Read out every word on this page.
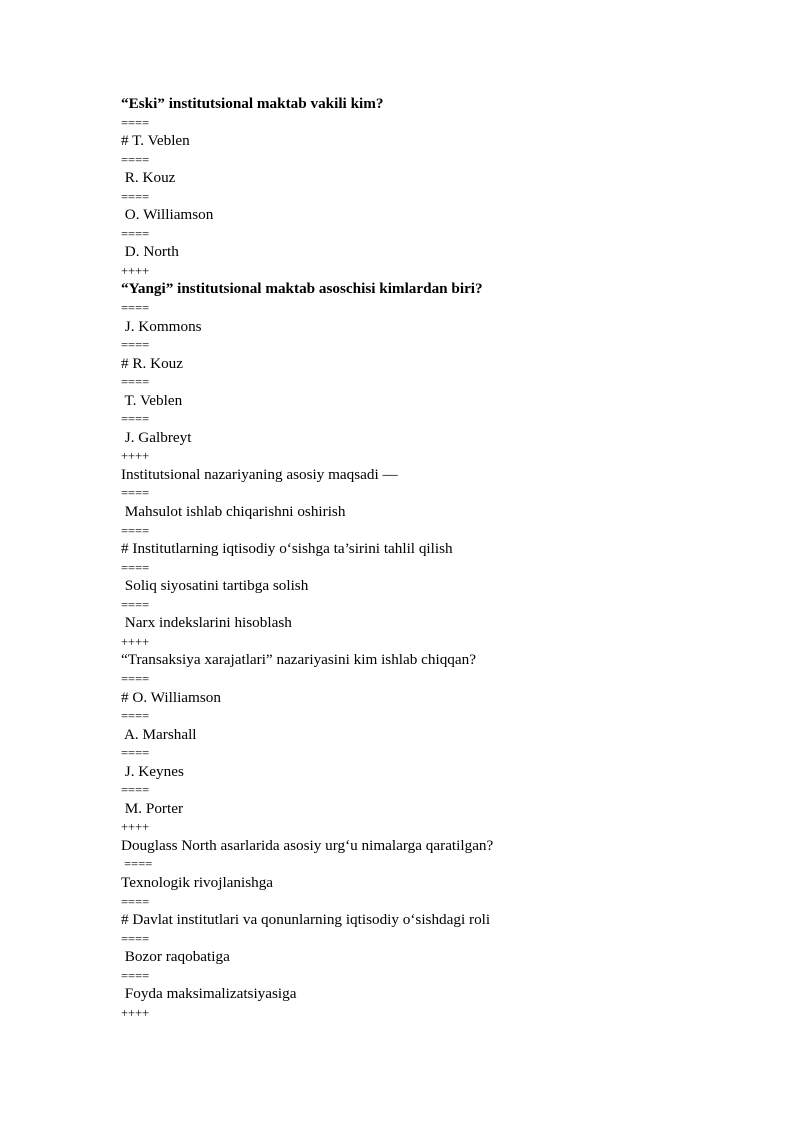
“Eski” institutsional maktab vakili kim?
====
# T. Veblen
====
R. Kouz
====
O. Williamson
====
D. North
++++
“Yangi” institutsional maktab asoschisi kimlardan biri?
====
J. Kommons
====
# R. Kouz
====
T. Veblen
====
J. Galbreyt
++++
Institutsional nazariyaning asosiy maqsadi —
====
Mahsulot ishlab chiqarishni oshirish
====
# Institutlarning iqtisodiy o‘sishga ta’sirini tahlil qilish
====
Soliq siyosatini tartibga solish
====
Narx indekslarini hisoblash
++++
“Transaksiya xarajatlari” nazariyasini kim ishlab chiqqan?
====
# O. Williamson
====
A. Marshall
====
J. Keynes
====
M. Porter
++++
Douglass North asarlarida asosiy urg‘u nimalarga qaratilgan?
====
Texnologik rivojlanishga
====
# Davlat institutlari va qonunlarning iqtisodiy o‘sishdagi roli
====
Bozor raqobatiga
====
Foyda maksimalizatsiyasiga
++++
